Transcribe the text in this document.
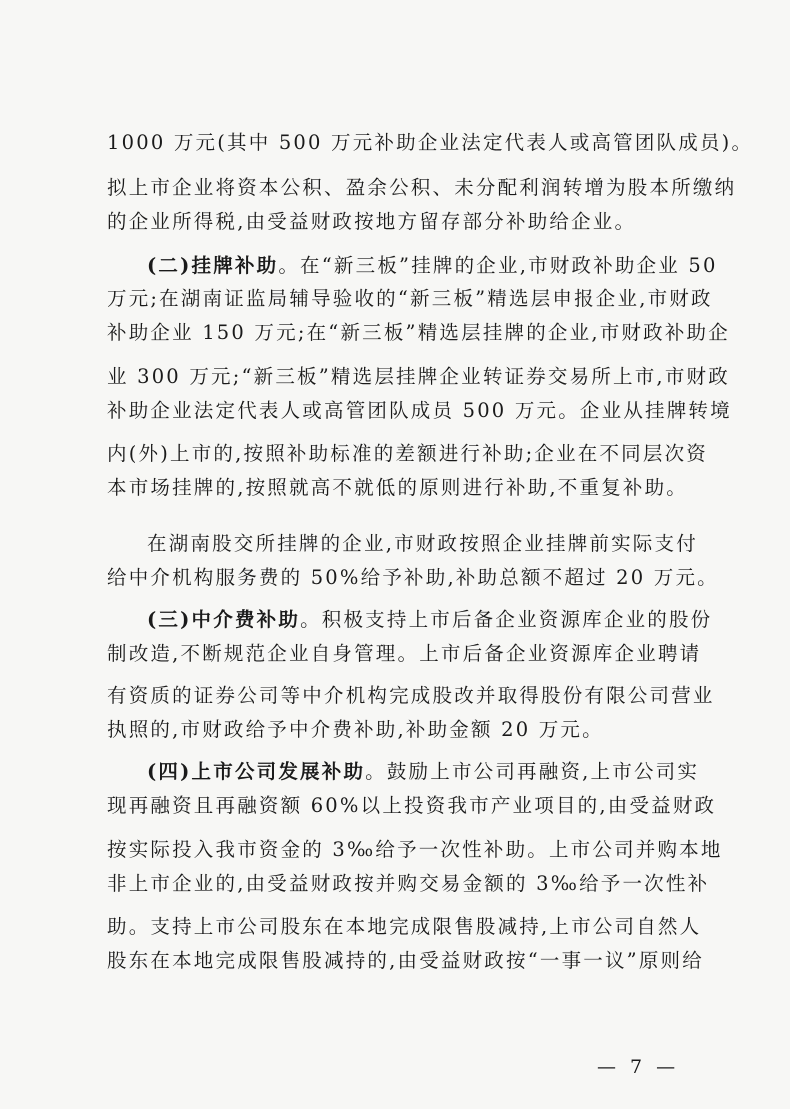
1000 万元(其中 500 万元补助企业法定代表人或高管团队成员)。
拟上市企业将资本公积、盈余公积、未分配利润转增为股本所缴纳
的企业所得税,由受益财政按地方留存部分补助给企业。
(二)挂牌补助。在“新三板”挂牌的企业,市财政补助企业 50
万元;在湖南证监局辅导验收的“新三板”精选层申报企业,市财政
补助企业 150 万元;在“新三板”精选层挂牌的企业,市财政补助企
业 300 万元;“新三板”精选层挂牌企业转证券交易所上市,市财政
补助企业法定代表人或高管团队成员 500 万元。企业从挂牌转境
内(外)上市的,按照补助标准的差额进行补助;企业在不同层次资
本市场挂牌的,按照就高不就低的原则进行补助,不重复补助。
在湖南股交所挂牌的企业,市财政按照企业挂牌前实际支付
给中介机构服务费的 50%给予补助,补助总额不超过 20 万元。
(三)中介费补助。积极支持上市后备企业资源库企业的股份
制改造,不断规范企业自身管理。上市后备企业资源库企业聘请
有资质的证券公司等中介机构完成股改并取得股份有限公司营业
执照的,市财政给予中介费补助,补助金额 20 万元。
(四)上市公司发展补助。鼓励上市公司再融资,上市公司实
现再融资且再融资额 60%以上投资我市产业项目的,由受益财政
按实际投入我市资金的 3‰给予一次性补助。上市公司并购本地
非上市企业的,由受益财政按并购交易金额的 3‰给予一次性补
助。支持上市公司股东在本地完成限售股减持,上市公司自然人
股东在本地完成限售股减持的,由受益财政按“一事一议”原则给
— 7 —
